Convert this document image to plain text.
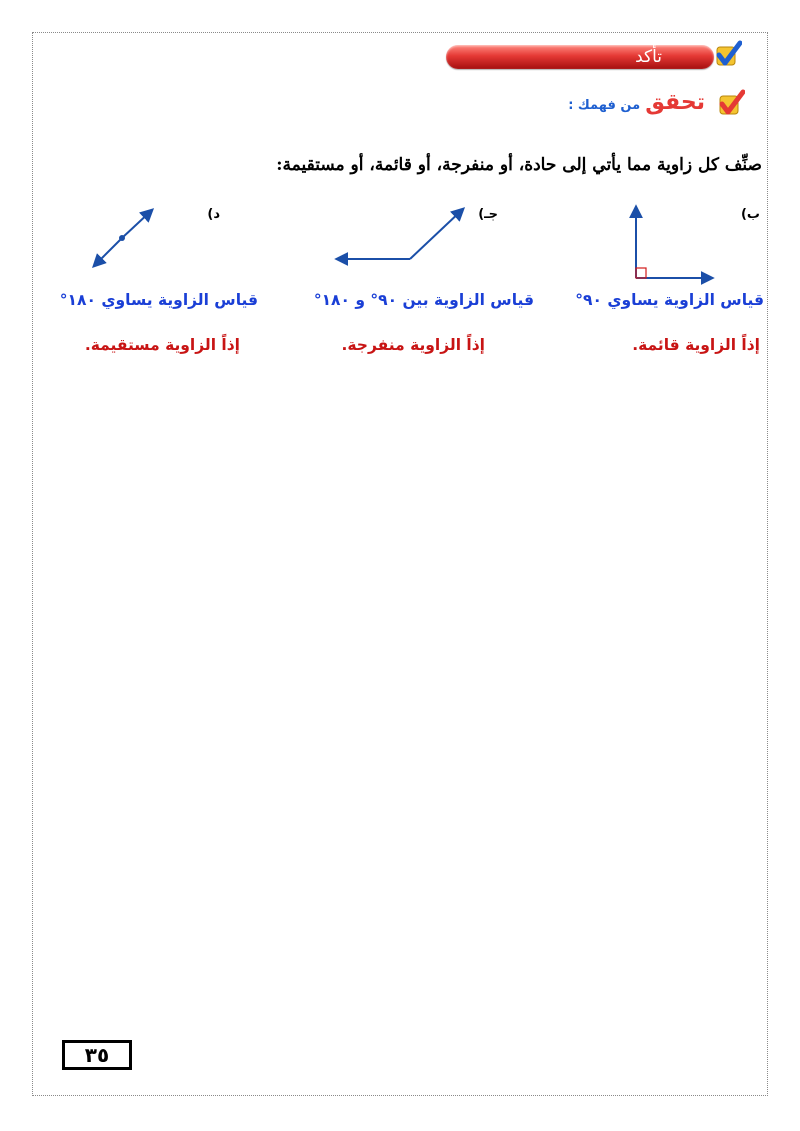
تأكد
تحقق من فهمك :
صنِّف كل زاوية مما يأتي إلى حادة، أو منفرجة، أو قائمة، أو مستقيمة:
ب)
جـ)
د)
قياس الزاوية يساوي ٩٠°
إذاً الزاوية قائمة.
قياس الزاوية بين ٩٠° و ١٨٠°
إذاً الزاوية منفرجة.
قياس الزاوية يساوي ١٨٠°
إذاً الزاوية مستقيمة.
٣٥
